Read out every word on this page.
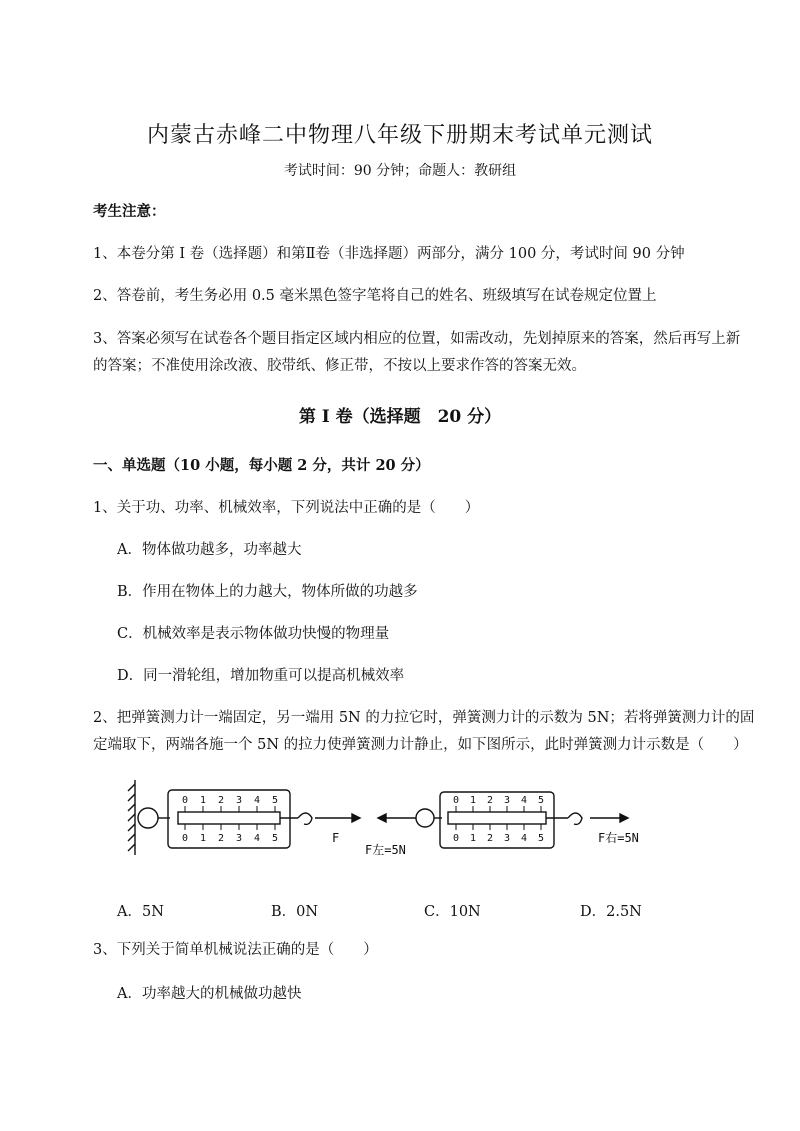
内蒙古赤峰二中物理八年级下册期末考试单元测试
考试时间：90 分钟；命题人：教研组
考生注意：
1、本卷分第 I 卷（选择题）和第Ⅱ卷（非选择题）两部分，满分 100 分，考试时间 90 分钟
2、答卷前，考生务必用 0.5 毫米黑色签字笔将自己的姓名、班级填写在试卷规定位置上
3、答案必须写在试卷各个题目指定区域内相应的位置，如需改动，先划掉原来的答案，然后再写上新
的答案；不准使用涂改液、胶带纸、修正带，不按以上要求作答的答案无效。
第 I 卷（选择题　20 分）
一、单选题（10 小题，每小题 2 分，共计 20 分）
1、关于功、功率、机械效率，下列说法中正确的是（　　）
A．物体做功越多，功率越大
B．作用在物体上的力越大，物体所做的功越多
C．机械效率是表示物体做功快慢的物理量
D．同一滑轮组，增加物重可以提高机械效率
2、把弹簧测力计一端固定，另一端用 5N 的力拉它时，弹簧测力计的示数为 5N；若将弹簧测力计的固
定端取下，两端各施一个 5N 的拉力使弹簧测力计静止，如下图所示，此时弹簧测力计示数是（　　）
0 1 2 3 4 5
0 1 2 3 4 5	F
0 1 2 3 4 5
0 1 2 3 4 5
F左=5N
F右=5N
A．5N	B．0N	C．10N	D．2.5N
3、下列关于简单机械说法正确的是（　　）
A．功率越大的机械做功越快
